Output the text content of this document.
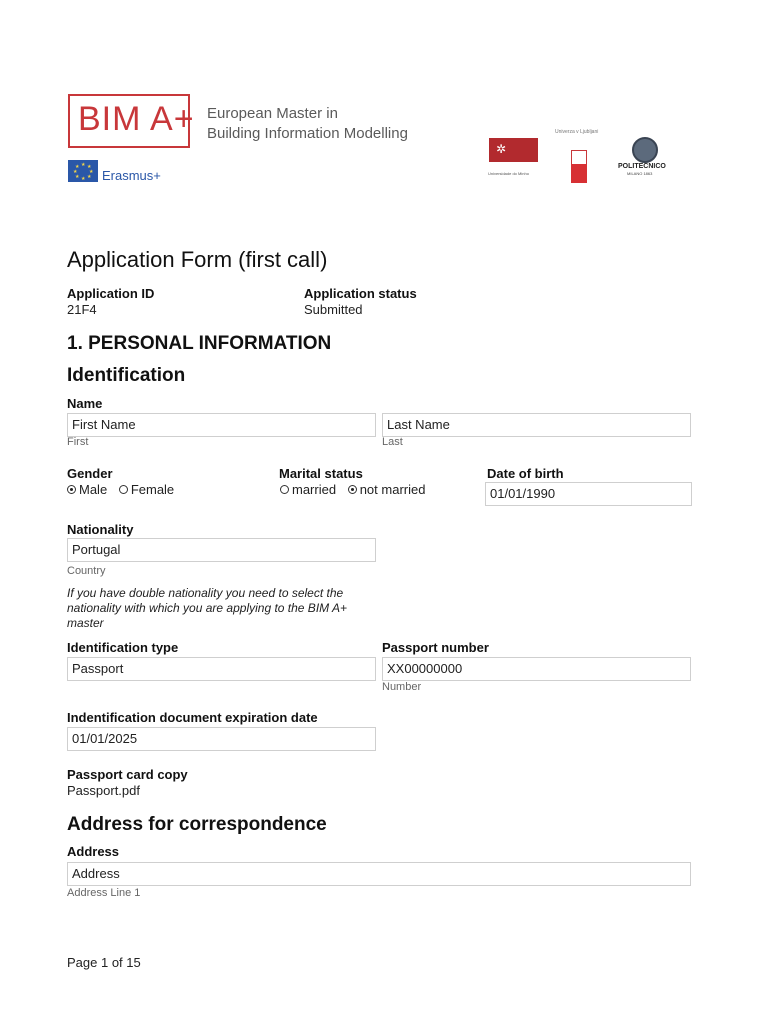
BIM A+ European Master in
Building Information Modelling
★ ★
★
★
★
★
★
★
Erasmus+
✲
Universidade do Minho
Univerza v Ljubljani
POLITECNICO
MILANO 1863
Application Form (first call)
Application ID
21F4
Application status
Submitted
1. PERSONAL INFORMATION
Identification
Name
First Name
First
Last Name
Last
Gender
Male Female
Marital status
married not married
Date of birth
01/01/1990
Nationality
Portugal
Country
If you have double nationality you need to select the nationality with which you are applying to the BIM A+ master
Identification type
Passport
Passport number
XX00000000
Number
Indentification document expiration date
01/01/2025
Passport card copy
Passport.pdf
Address for correspondence
Address
Address
Address Line 1
Page 1 of 15
